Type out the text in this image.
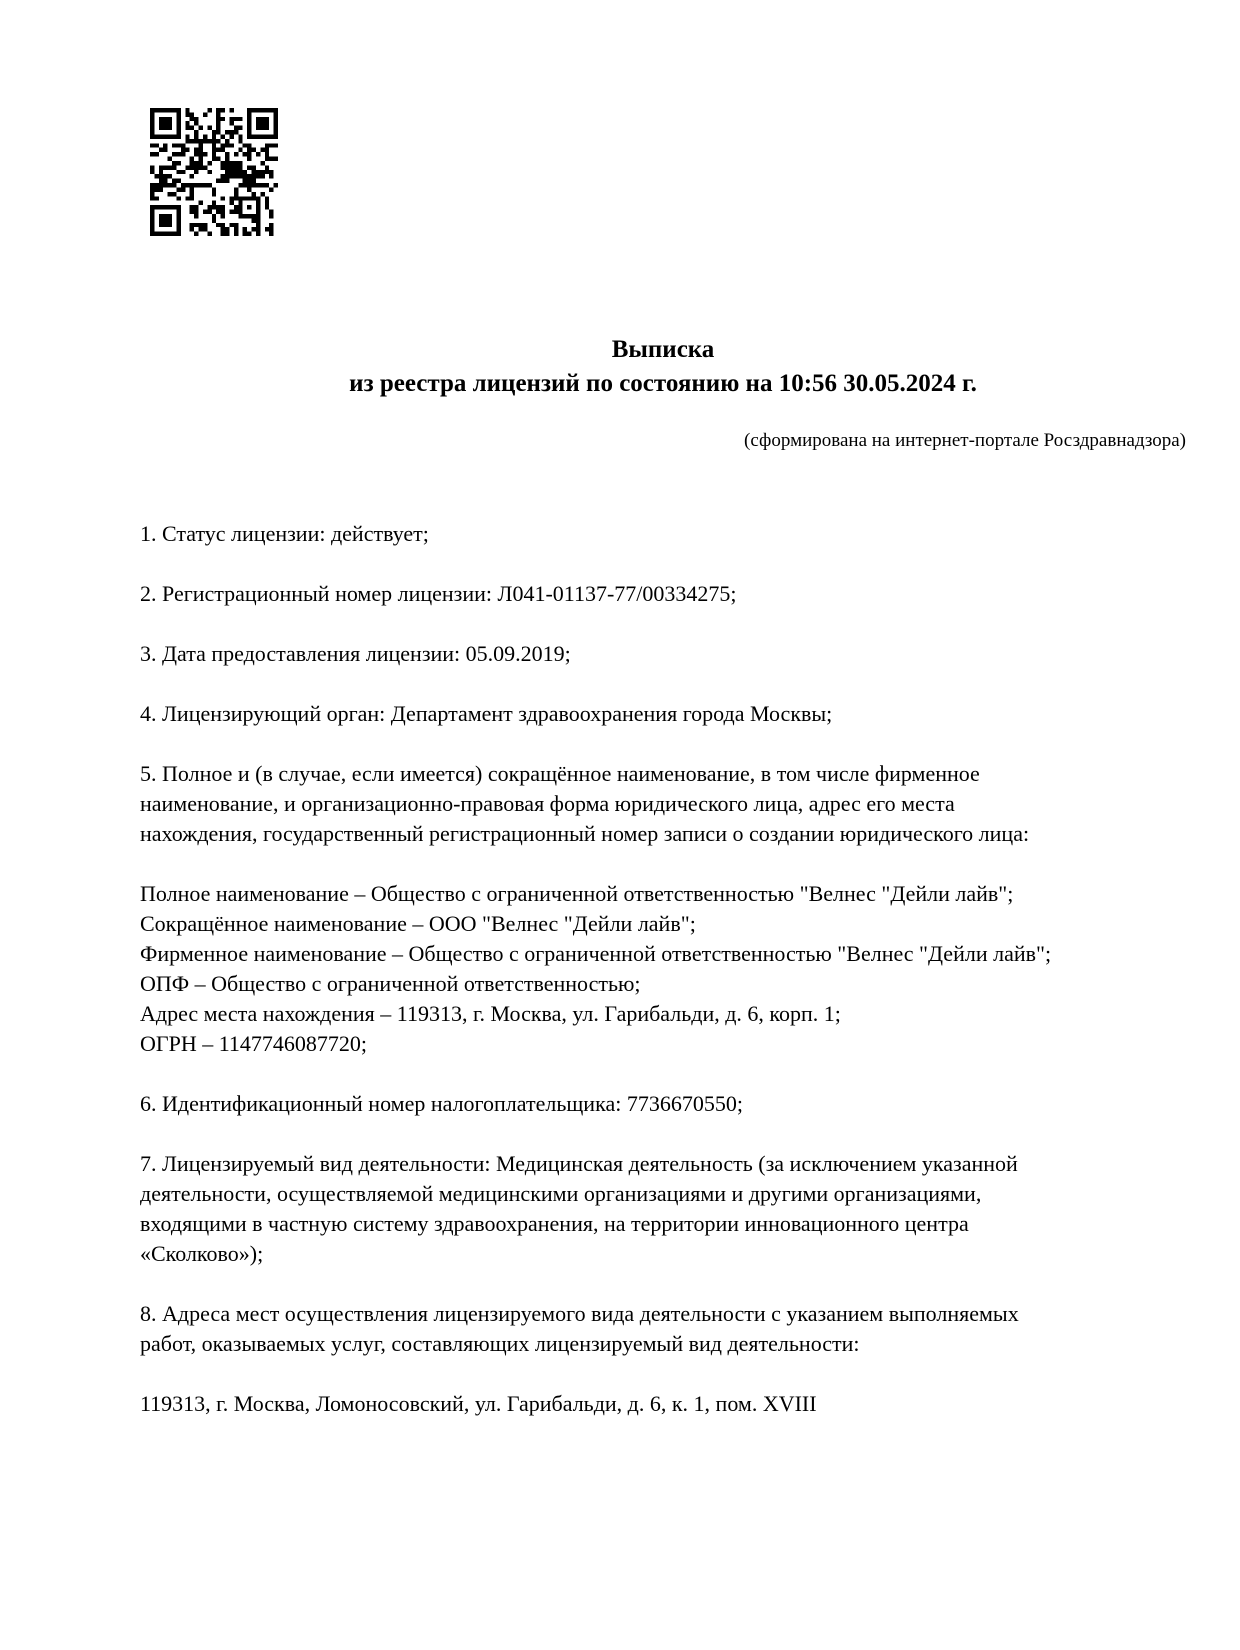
Выписка
из реестра лицензий по состоянию на 10:56 30.05.2024 г.
(сформирована на интернет-портале Росздравнадзора)

1. Статус лицензии: действует;

2. Регистрационный номер лицензии: Л041-01137-77/00334275;

3. Дата предоставления лицензии: 05.09.2019;

4. Лицензирующий орган: Департамент здравоохранения города Москвы;

5. Полное и (в случае, если имеется) сокращённое наименование, в том числе фирменное
наименование, и организационно-правовая форма юридического лица, адрес его места
нахождения, государственный регистрационный номер записи о создании юридического лица:

Полное наименование – Общество с ограниченной ответственностью "Велнес "Дейли лайв";
Сокращённое наименование – ООО "Велнес "Дейли лайв";
Фирменное наименование – Общество с ограниченной ответственностью "Велнес "Дейли лайв";
ОПФ – Общество с ограниченной ответственностью;
Адрес места нахождения – 119313, г. Москва, ул. Гарибальди, д. 6, корп. 1;
ОГРН – 1147746087720;

6. Идентификационный номер налогоплательщика: 7736670550;

7. Лицензируемый вид деятельности: Медицинская деятельность (за исключением указанной
деятельности, осуществляемой медицинскими организациями и другими организациями,
входящими в частную систему здравоохранения, на территории инновационного центра
«Сколково»);

8. Адреса мест осуществления лицензируемого вида деятельности с указанием выполняемых
работ, оказываемых услуг, составляющих лицензируемый вид деятельности:

119313, г. Москва, Ломоносовский, ул. Гарибальди, д. 6, к. 1, пом. XVIII
